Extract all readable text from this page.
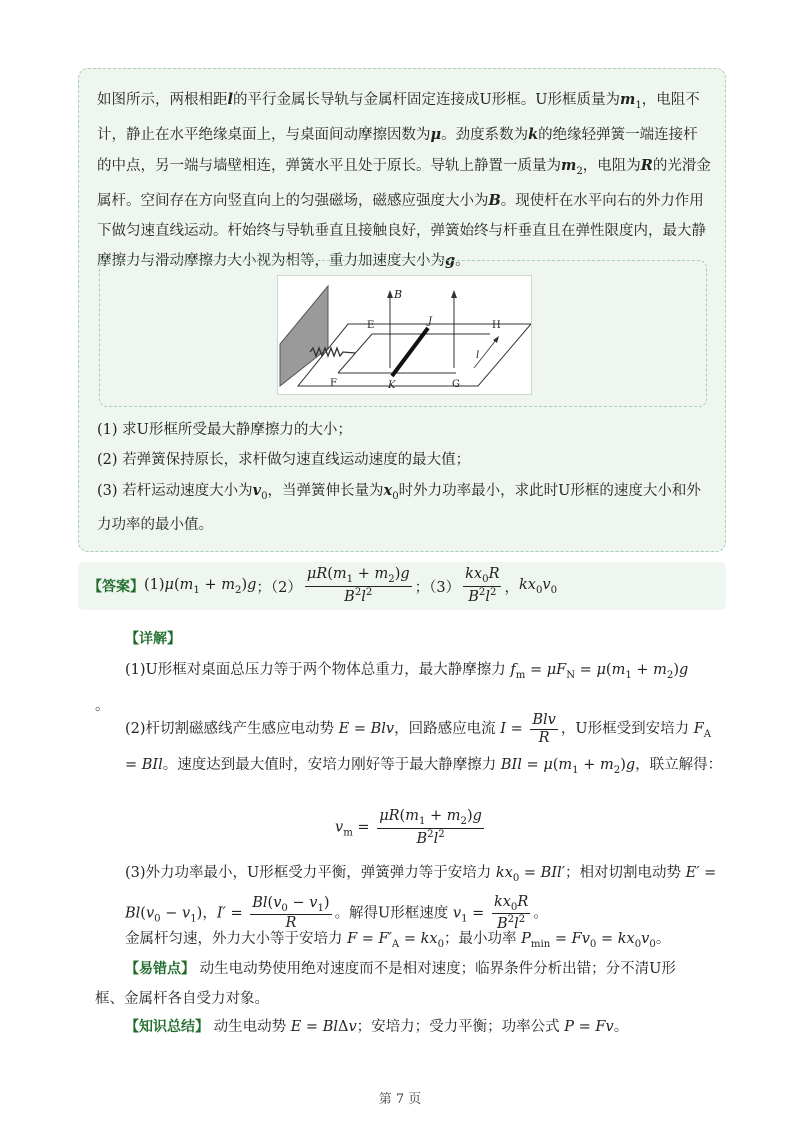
如图所示，两根相距l的平行金属长导轨与金属杆固定连接成U形框。U形框质量为$m_1$，电阻不计，静止在水平绝缘桌面上，与桌面间动摩擦因数为μ。劲度系数为k的绝缘轻弹簧一端连接杆的中点，另一端与墙壁相连，弹簧水平且处于原长。导轨上静置一质量为$m_2$，电阻为R的光滑金属杆。空间存在方向竖直向上的匀强磁场，磁感应强度大小为B。现使杆在水平向右的外力作用下做匀速直线运动。杆始终与导轨垂直且接触良好，弹簧始终与杆垂直且在弹性限度内，最大静摩擦力与滑动摩擦力大小视为相等，重力加速度大小为g。
B
E	J	H
F	K	G
l
(1) 求U形框所受最大静摩擦力的大小；
(2) 若弹簧保持原长，求杆做匀速直线运动速度的最大值；
(3) 若杆运动速度大小为$v_0$，当弹簧伸长量为$x_0$时外力功率最小，求此时U形框的速度大小和外力功率的最小值。
【答案】 $(1)\mu(m_1 + m_2)g$ ；$(2) \frac{\mu R(m_1 + m_2)g}{B^2l^2}$ ；$(3) \frac{kx_0R}{B^2l^2}$ ， $kx_0v_0$
【详解】
(1)U形框对桌面总压力等于两个物体总重力，最大静摩擦力 $f_m = \mu F_N = \mu(m_1 + m_2)g$
。
(2)杆切割磁感线产生感应电动势 E = Blv，回路感应电流 $I = \frac{\text{Blv}}{R}$ ，U形框受到安培力 $F_A$ = BIl。速度达到最大值时，安培力刚好等于最大静摩擦力 BIl = $\mu(m_1 + m_2)g$，联立解得：
$v_m = \frac{\mu R(m_1 + m_2)g}{B^2l^2}$
(3)外力功率最小，U形框受力平衡，弹簧弹力等于安培力 $kx_0 = BIl'$；相对切割电动势 $E' = Bl(v_0 - v_1)$，$I' = \frac{Bl(v_0 - v_1)}{R}$ 。解得U形框速度 $v_1 = \frac{kx_0R}{B^2l^2}$ 。
金属杆匀速，外力大小等于安培力 $F = F'_A = kx_0$；最小功率 $P_{min} = Fv_0 = kx_0v_0$。
【易错点】 动生电动势使用绝对速度而不是相对速度；临界条件分析出错；分不清U形
框、金属杆各自受力对象。
【知识总结】 动生电动势 E = BlΔv；安培力；受力平衡；功率公式 P = Fv。
第 7 页
